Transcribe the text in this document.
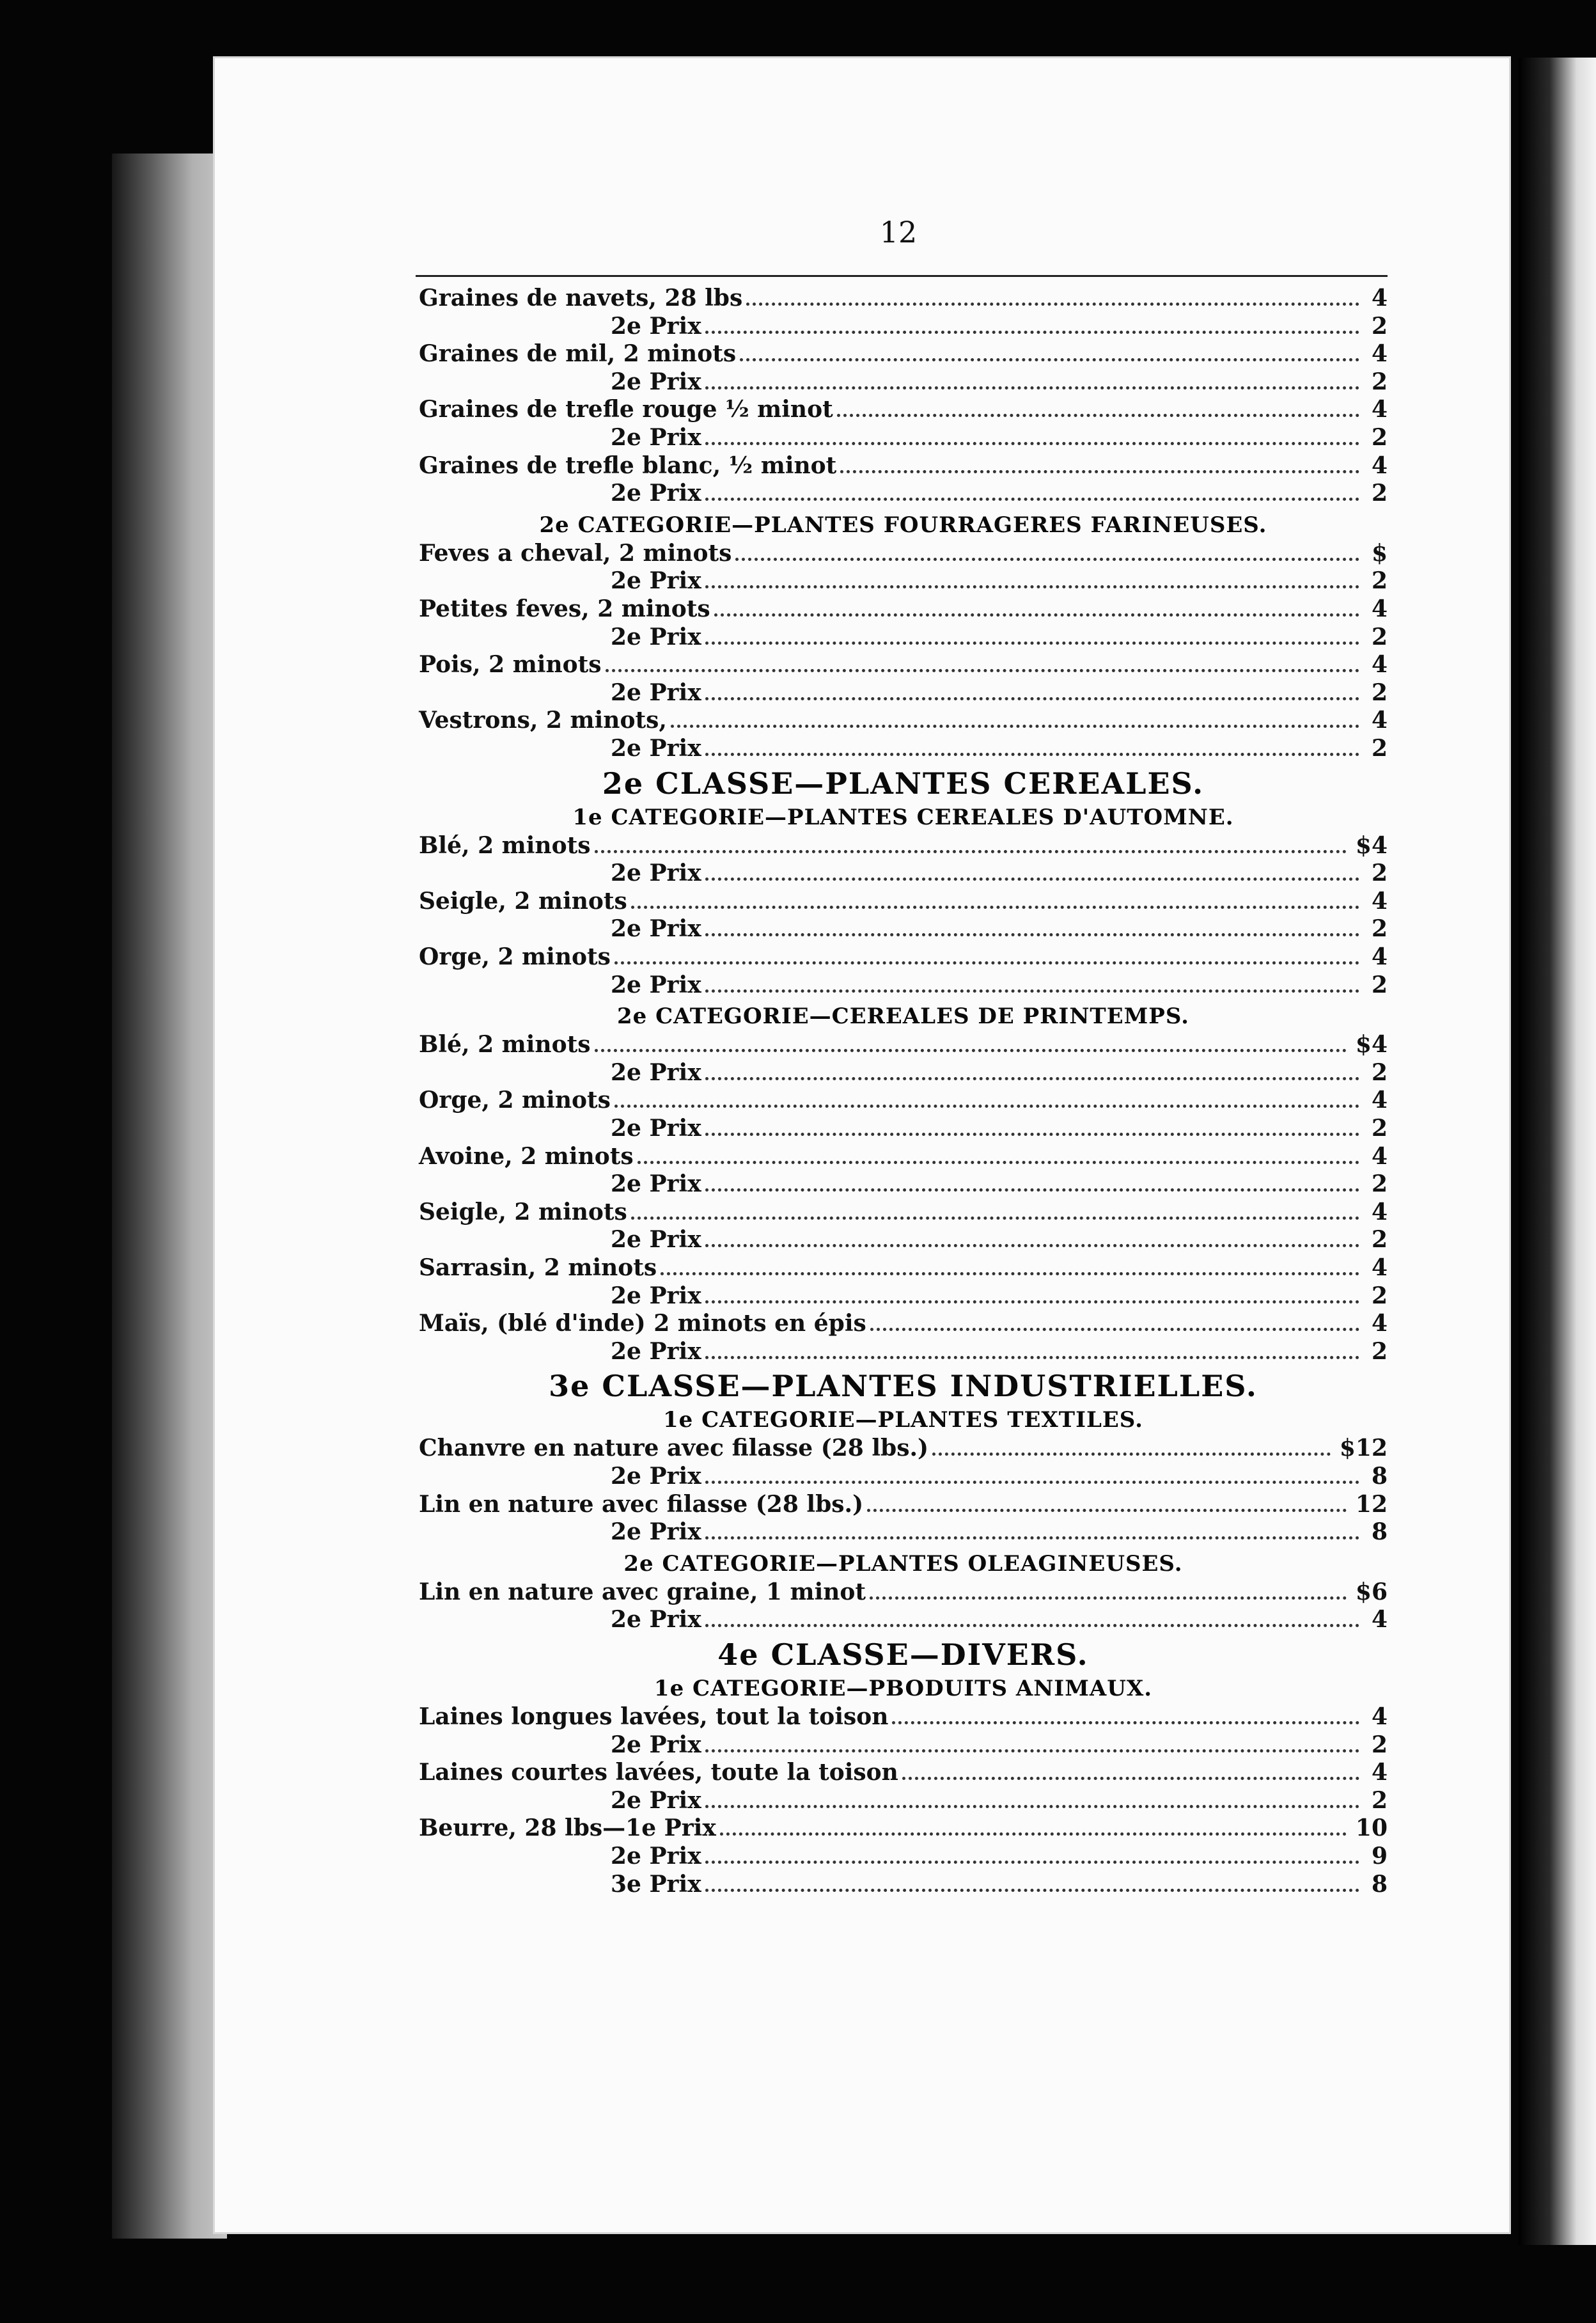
12
Graines de navets, 28 lbs	4
2e Prix	2
Graines de mil, 2 minots	4
2e Prix	2
Graines de trefle rouge ½ minot	4
2e Prix	2
Graines de trefle blanc, ½ minot	4
2e Prix	2
2e CATEGORIE—PLANTES FOURRAGERES FARINEUSES.
Feves a cheval, 2 minots	$
2e Prix	2
Petites feves, 2 minots	4
2e Prix	2
Pois, 2 minots	4
2e Prix	2
Vestrons, 2 minots,	4
2e Prix	2
2e CLASSE—PLANTES CEREALES.
1e CATEGORIE—PLANTES CEREALES D'AUTOMNE.
Blé, 2 minots	$4
2e Prix	2
Seigle, 2 minots	4
2e Prix	2
Orge, 2 minots	4
2e Prix	2
2e CATEGORIE—CEREALES DE PRINTEMPS.
Blé, 2 minots	$4
2e Prix	2
Orge, 2 minots	4
2e Prix	2
Avoine, 2 minots	4
2e Prix	2
Seigle, 2 minots	4
2e Prix	2
Sarrasin, 2 minots	4
2e Prix	2
Maïs, (blé d'inde) 2 minots en épis	4
2e Prix	2
3e CLASSE—PLANTES INDUSTRIELLES.
1e CATEGORIE—PLANTES TEXTILES.
Chanvre en nature avec filasse (28 lbs.)	$12
2e Prix	8
Lin en nature avec filasse (28 lbs.)	12
2e Prix	8
2e CATEGORIE—PLANTES OLEAGINEUSES.
Lin en nature avec graine, 1 minot	$6
2e Prix	4
4e CLASSE—DIVERS.
1e CATEGORIE—PBODUITS ANIMAUX.
Laines longues lavées, tout la toison	4
2e Prix	2
Laines courtes lavées, toute la toison	4
2e Prix	2
Beurre, 28 lbs—1e Prix	10
2e Prix	9
3e Prix	8
